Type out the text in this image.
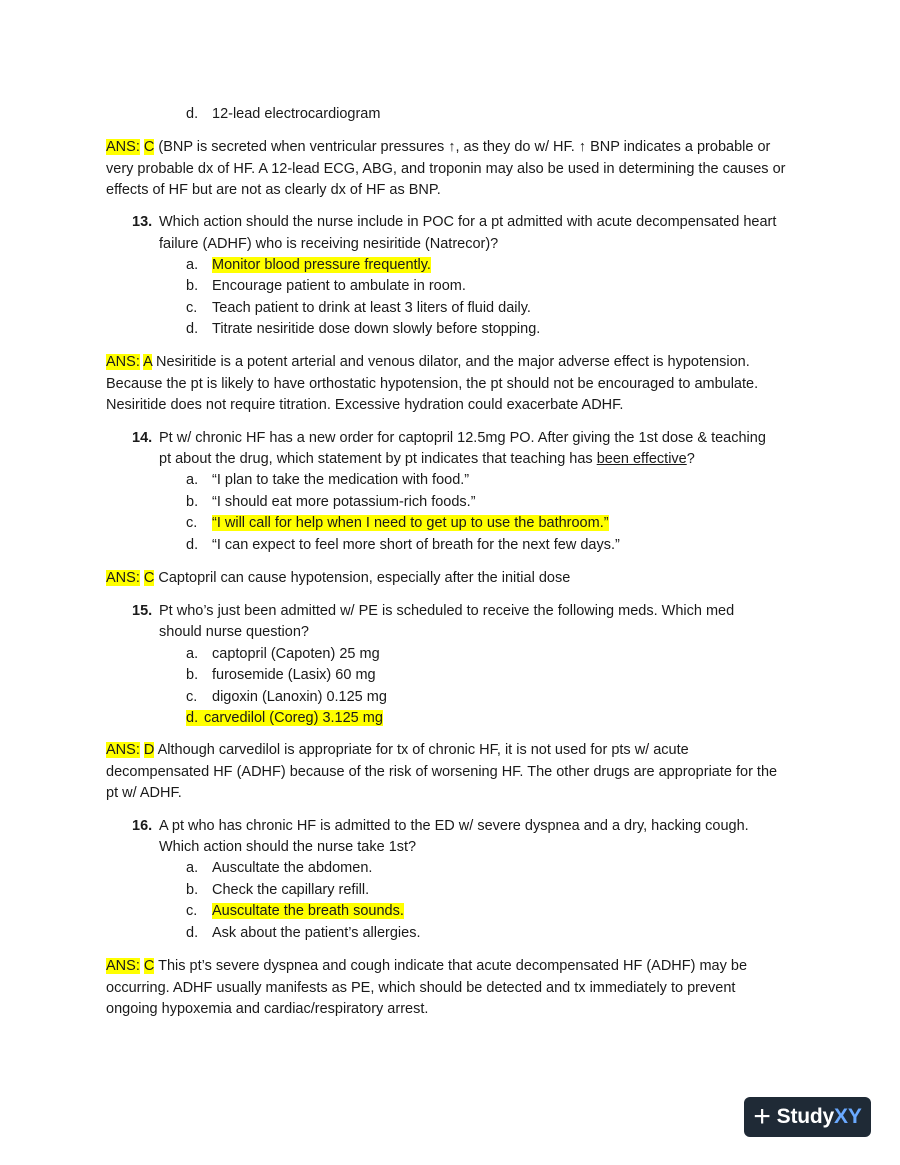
d. 12-lead electrocardiogram
ANS: C (BNP is secreted when ventricular pressures ↑, as they do w/ HF. ↑ BNP indicates a probable or
very probable dx of HF. A 12-lead ECG, ABG, and troponin may also be used in determining the causes or
effects of HF but are not as clearly dx of HF as BNP.
13. Which action should the nurse include in POC for a pt admitted with acute decompensated heart
failure (ADHF) who is receiving nesiritide (Natrecor)?
a. Monitor blood pressure frequently.
b. Encourage patient to ambulate in room.
c. Teach patient to drink at least 3 liters of fluid daily.
d. Titrate nesiritide dose down slowly before stopping.
ANS: A Nesiritide is a potent arterial and venous dilator, and the major adverse effect is hypotension.
Because the pt is likely to have orthostatic hypotension, the pt should not be encouraged to ambulate.
Nesiritide does not require titration. Excessive hydration could exacerbate ADHF.
14. Pt w/ chronic HF has a new order for captopril 12.5mg PO. After giving the 1st dose & teaching
pt about the drug, which statement by pt indicates that teaching has been effective?
a. “I plan to take the medication with food.”
b. “I should eat more potassium-rich foods.”
c. “I will call for help when I need to get up to use the bathroom.”
d. “I can expect to feel more short of breath for the next few days.”
ANS: C Captopril can cause hypotension, especially after the initial dose
15. Pt who’s just been admitted w/ PE is scheduled to receive the following meds. Which med
should nurse question?
a. captopril (Capoten) 25 mg
b. furosemide (Lasix) 60 mg
c. digoxin (Lanoxin) 0.125 mg
d. carvedilol (Coreg) 3.125 mg
ANS: D Although carvedilol is appropriate for tx of chronic HF, it is not used for pts w/ acute
decompensated HF (ADHF) because of the risk of worsening HF. The other drugs are appropriate for the
pt w/ ADHF.
16. A pt who has chronic HF is admitted to the ED w/ severe dyspnea and a dry, hacking cough.
Which action should the nurse take 1st?
a. Auscultate the abdomen.
b. Check the capillary refill.
c. Auscultate the breath sounds.
d. Ask about the patient’s allergies.
ANS: C This pt’s severe dyspnea and cough indicate that acute decompensated HF (ADHF) may be
occurring. ADHF usually manifests as PE, which should be detected and tx immediately to prevent
ongoing hypoxemia and cardiac/respiratory arrest.
+ StudyXY
